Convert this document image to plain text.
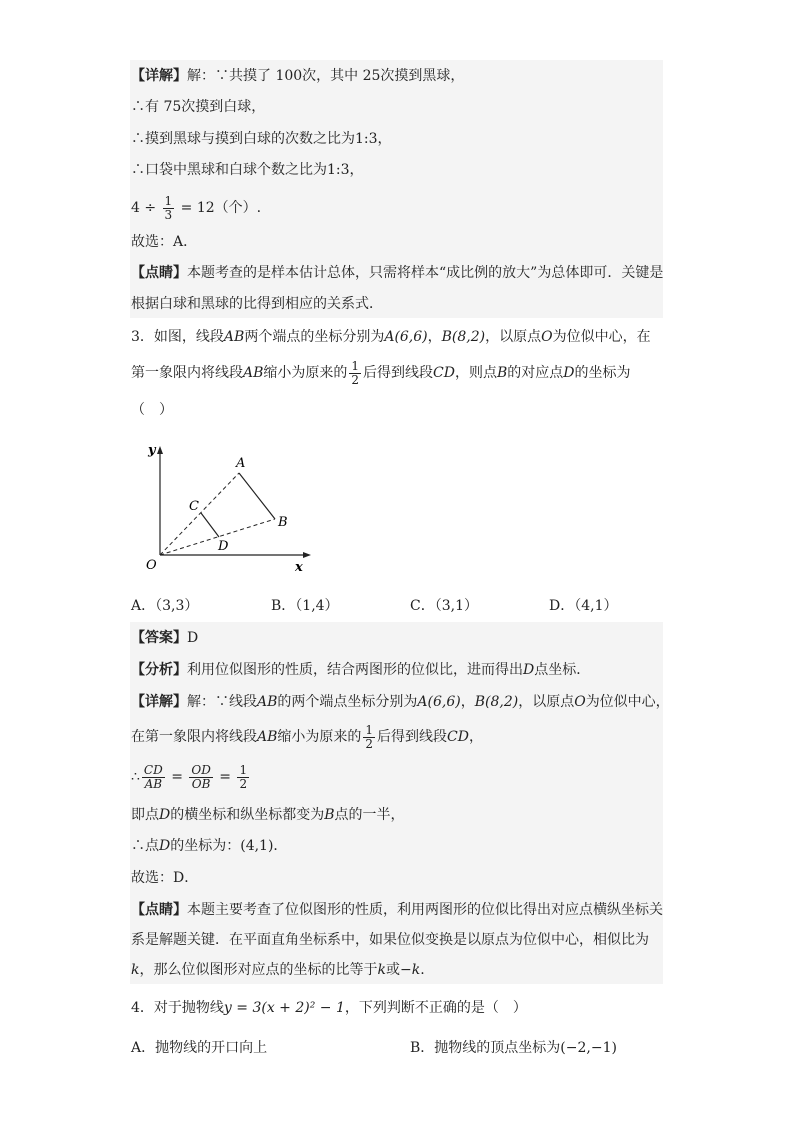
【详解】解：∵共摸了 100次，其中 25次摸到黑球，
∴有 75次摸到白球，
∴摸到黑球与摸到白球的次数之比为1:3，
∴口袋中黑球和白球个数之比为1:3，
$4 \div \frac{1}{3} = 12$（个）.
故选：A．
【点睛】本题考查的是样本估计总体，只需将样本“成比例的放大”为总体即可．关键是
根据白球和黑球的比得到相应的关系式．
3．如图，线段AB两个端点的坐标分别为A(6,6)，B(8,2)，以原点O为位似中心，在
第一象限内将线段AB缩小为原来的 $\frac{1}{2}$ 后得到线段CD，则点B的对应点D的坐标为
（　）
y
x
O
A
B
C
D
A．（3,3）	B．（1,4）	C．（3,1）	D．（4,1）
【答案】D
【分析】利用位似图形的性质，结合两图形的位似比，进而得出D点坐标．
【详解】解：∵线段AB的两个端点坐标分别为A(6,6)，B(8,2)，以原点O为位似中心，
在第一象限内将线段AB缩小为原来的 $\frac{1}{2}$ 后得到线段CD，
∴ $\frac{CD}{AB} = \frac{OD}{OB} = \frac{1}{2}$
即点D的横坐标和纵坐标都变为B点的一半，
∴点D的坐标为：(4,1)．
故选：D．
【点睛】本题主要考查了位似图形的性质，利用两图形的位似比得出对应点横纵坐标关
系是解题关键．在平面直角坐标系中，如果位似变换是以原点为位似中心，相似比为
k，那么位似图形对应点的坐标的比等于k或−k.
4．对于抛物线y = 3(x + 2)² − 1，下列判断不正确的是（　）
A．抛物线的开口向上	B．抛物线的顶点坐标为(−2,−1)
